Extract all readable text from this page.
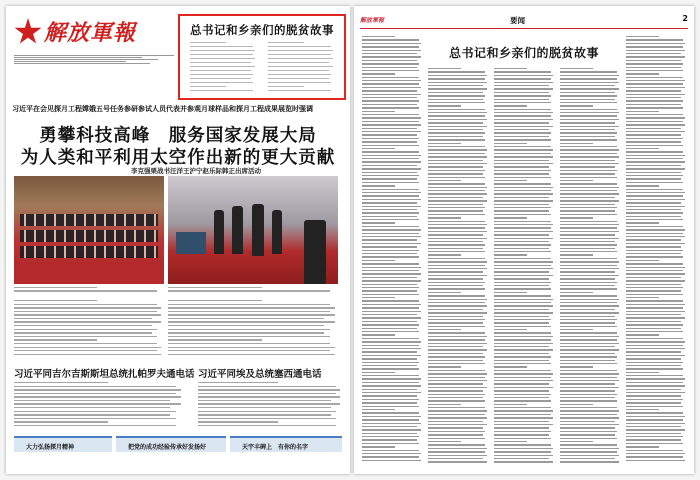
解放軍報	总书记和乡亲们的脱贫故事
习近平在会见探月工程嫦娥五号任务参研参试人员代表并参观月球样品和探月工程成果展览时强调
勇攀科技高峰　服务国家发展大局
为人类和平利用太空作出新的更大贡献
李克强栗战书汪洋王沪宁赵乐际韩正出席活动
习近平同吉尔吉斯斯坦总统扎帕罗夫通电话 习近平同埃及总统塞西通电话
大力弘扬探月精神	把党的成功经验传承好发扬好	天宇丰碑上　有你的名字
解放軍報	要闻	2
总书记和乡亲们的脱贫故事
